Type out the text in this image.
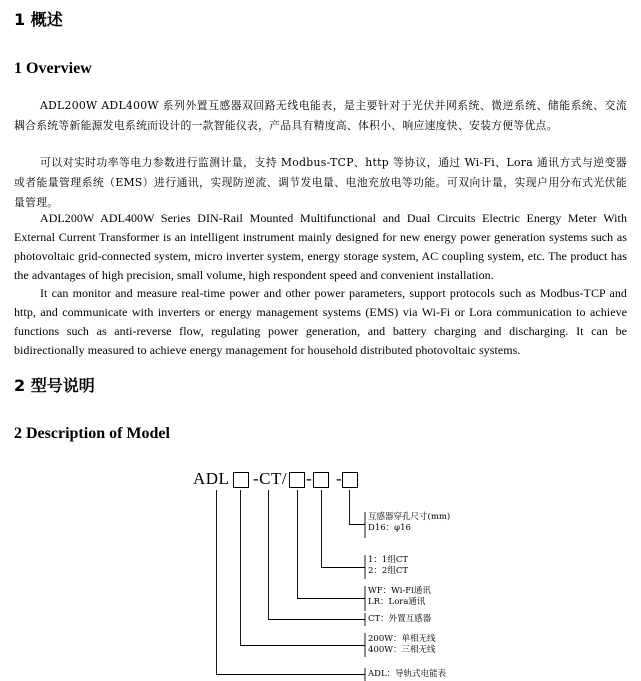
1 概述
1 Overview

ADL200W ADL400W 系列外置互感器双回路无线电能表，是主要针对于光伏并网系统、微逆系统、储能系统、交流耦合系统等新能源发电系统而设计的一款智能仪表，产品具有精度高、体积小、响应速度快、安装方便等优点。

可以对实时功率等电力参数进行监测计量，支持 Modbus-TCP、http 等协议，通过 Wi-Fi、Lora 通讯方式与逆变器或者能量管理系统（EMS）进行通讯，实现防逆流、调节发电量、电池充放电等功能。可双向计量，实现户用分布式光伏能量管理。

ADL200W ADL400W Series DIN-Rail Mounted Multifunctional and Dual Circuits Electric Energy Meter With External Current Transformer is an intelligent instrument mainly designed for new energy power generation systems such as photovoltaic grid-connected system, micro inverter system, energy storage system, AC coupling system, etc. The product has the advantages of high precision, small volume, high respondent speed and convenient installation.

It can monitor and measure real-time power and other power parameters, support protocols such as Modbus-TCP and http, and communicate with inverters or energy management systems (EMS) via Wi-Fi or Lora communication to achieve functions such as anti-reverse flow, regulating power generation, and battery charging and discharging. It can be bidirectionally measured to achieve energy management for household distributed photovoltaic systems.

2 型号说明
2 Description of Model
ADL -CT/ - -
互感器穿孔尺寸(mm)
D16：φ16
1：1组CT
2：2组CT
WF：Wi-Fi通讯
LR：Lora通讯
CT：外置互感器
200W：单相无线
400W：三相无线
ADL：导轨式电能表
